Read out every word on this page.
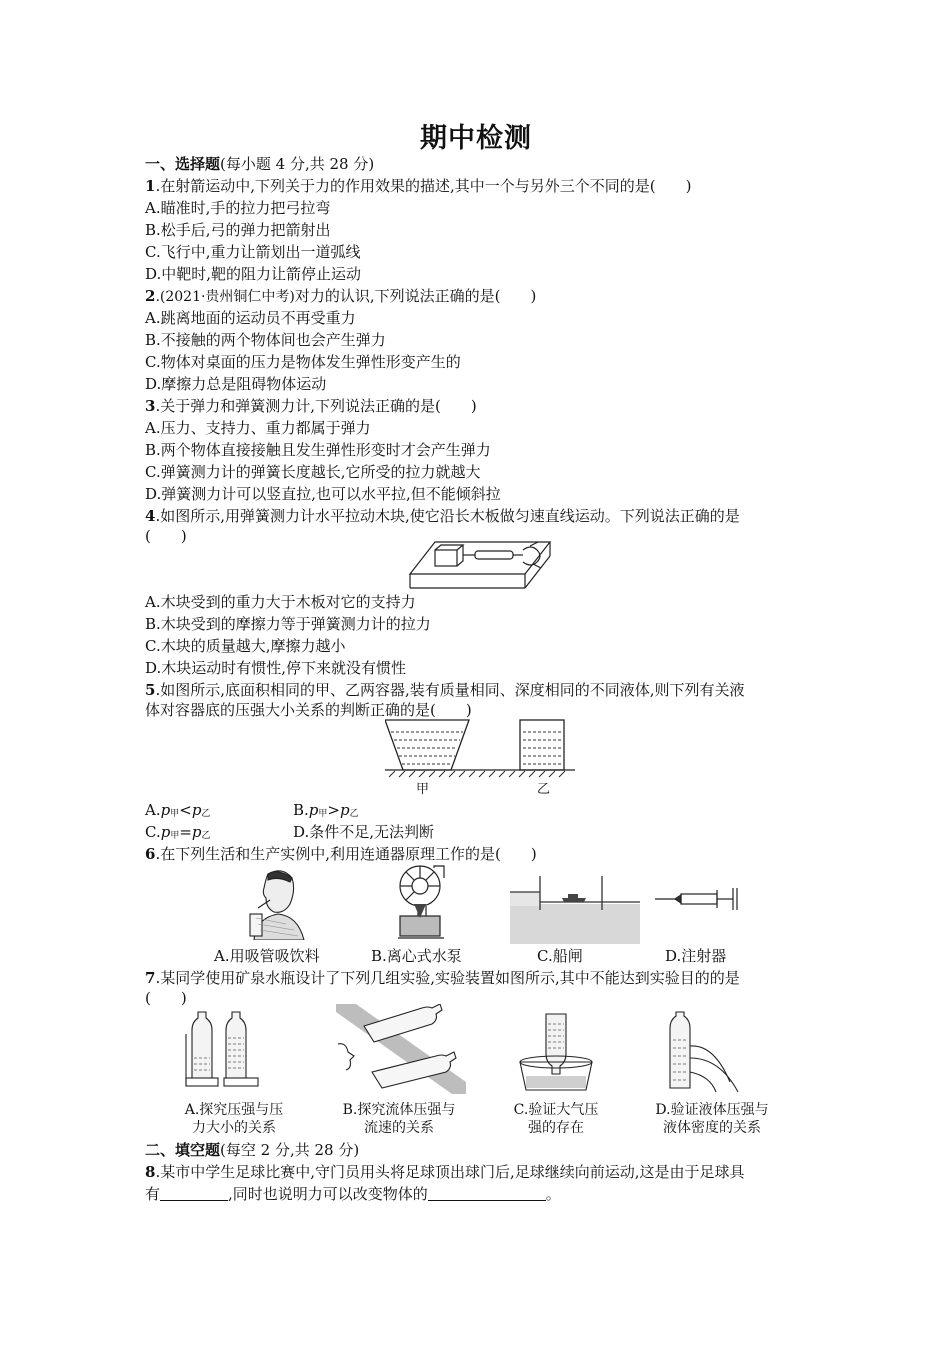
期中检测
一、选择题(每小题 4 分,共 28 分)
1.在射箭运动中,下列关于力的作用效果的描述,其中一个与另外三个不同的是(　　)
A.瞄准时,手的拉力把弓拉弯
B.松手后,弓的弹力把箭射出
C.飞行中,重力让箭划出一道弧线
D.中靶时,靶的阻力让箭停止运动
2.(2021·贵州铜仁中考)对力的认识,下列说法正确的是(　　)
A.跳离地面的运动员不再受重力
B.不接触的两个物体间也会产生弹力
C.物体对桌面的压力是物体发生弹性形变产生的
D.摩擦力总是阻碍物体运动
3.关于弹力和弹簧测力计,下列说法正确的是(　　)
A.压力、支持力、重力都属于弹力
B.两个物体直接接触且发生弹性形变时才会产生弹力
C.弹簧测力计的弹簧长度越长,它所受的拉力就越大
D.弹簧测力计可以竖直拉,也可以水平拉,但不能倾斜拉
4.如图所示,用弹簧测力计水平拉动木块,使它沿长木板做匀速直线运动。下列说法正确的是
(　　)
A.木块受到的重力大于木板对它的支持力
B.木块受到的摩擦力等于弹簧测力计的拉力
C.木块的质量越大,摩擦力越小
D.木块运动时有惯性,停下来就没有惯性
5.如图所示,底面积相同的甲、乙两容器,装有质量相同、深度相同的不同液体,则下列有关液
体对容器底的压强大小关系的判断正确的是(　　)
甲	乙
A.p甲<p乙	B.p甲>p乙
C.p甲=p乙	D.条件不足,无法判断
6.在下列生活和生产实例中,利用连通器原理工作的是(　　)
A.用吸管吸饮料	B.离心式水泵	C.船闸	D.注射器
7.某同学使用矿泉水瓶设计了下列几组实验,实验装置如图所示,其中不能达到实验目的的是
(　　)
A.探究压强与压
力大小的关系
B.探究流体压强与
流速的关系
C.验证大气压
强的存在
D.验证液体压强与
液体密度的关系
二、填空题(每空 2 分,共 28 分)
8.某市中学生足球比赛中,守门员用头将足球顶出球门后,足球继续向前运动,这是由于足球具
有	,同时也说明力可以改变物体的	。
